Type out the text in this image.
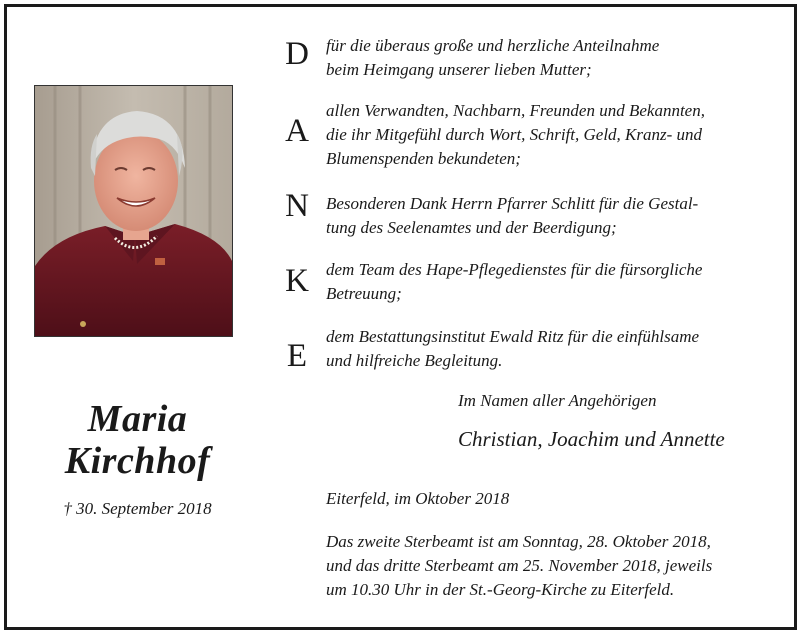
Maria
Kirchhof
† 30. September 2018
D für die überaus große und herzliche Anteilnahme
beim Heimgang unserer lieben Mutter;
A
allen Verwandten, Nachbarn, Freunden und Bekannten,
die ihr Mitgefühl durch Wort, Schrift, Geld, Kranz- und
Blumenspenden bekundeten;
N Besonderen Dank Herrn Pfarrer Schlitt für die Gestal-
tung des Seelenamtes und der Beerdigung;
K dem Team des Hape-Pflegedienstes für die fürsorgliche
Betreuung;
E
dem Bestattungsinstitut Ewald Ritz für die einfühlsame
und hilfreiche Begleitung.
Im Namen aller Angehörigen
Christian, Joachim und Annette
Eiterfeld, im Oktober 2018
Das zweite Sterbeamt ist am Sonntag, 28. Oktober 2018,
und das dritte Sterbeamt am 25. November 2018, jeweils
um 10.30 Uhr in der St.-Georg-Kirche zu Eiterfeld.
